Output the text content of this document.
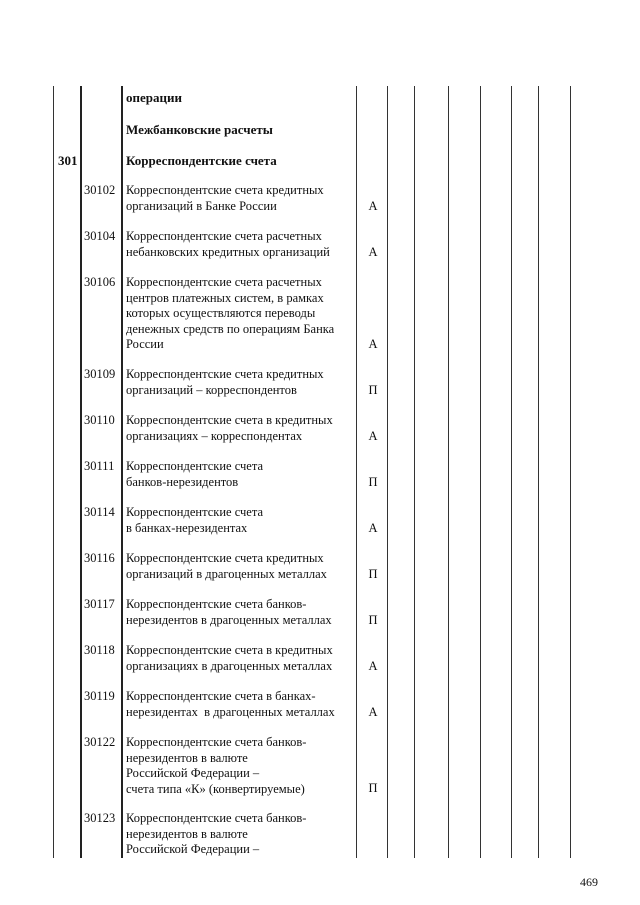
операции
Межбанковские расчеты
301	Корреспондентские счета
30102 Корреспондентские счета кредитных
организаций в Банке России	А
30104 Корреспондентские счета расчетных
небанковских кредитных организаций	А
30106 Корреспондентские счета расчетных
центров платежных систем, в рамках
которых осуществляются переводы
денежных средств по операциям Банка
России	А
30109 Корреспондентские счета кредитных
организаций – корреспондентов	П
30110 Корреспондентские счета в кредитных
организациях – корреспондентах	А
30111 Корреспондентские счета
банков-нерезидентов	П
30114 Корреспондентские счета
в банках-нерезидентах	А
30116 Корреспондентские счета кредитных
организаций в драгоценных металлах	П
30117 Корреспондентские счета банков-
нерезидентов в драгоценных металлах	П
30118 Корреспондентские счета в кредитных
организациях в драгоценных металлах	А
30119 Корреспондентские счета в банках-
нерезидентах  в драгоценных металлах	А
30122 Корреспондентские счета банков-
нерезидентов в валюте
Российской Федерации –
счета типа «К» (конвертируемые)	П
30123 Корреспондентские счета банков-
нерезидентов в валюте
Российской Федерации –
469
